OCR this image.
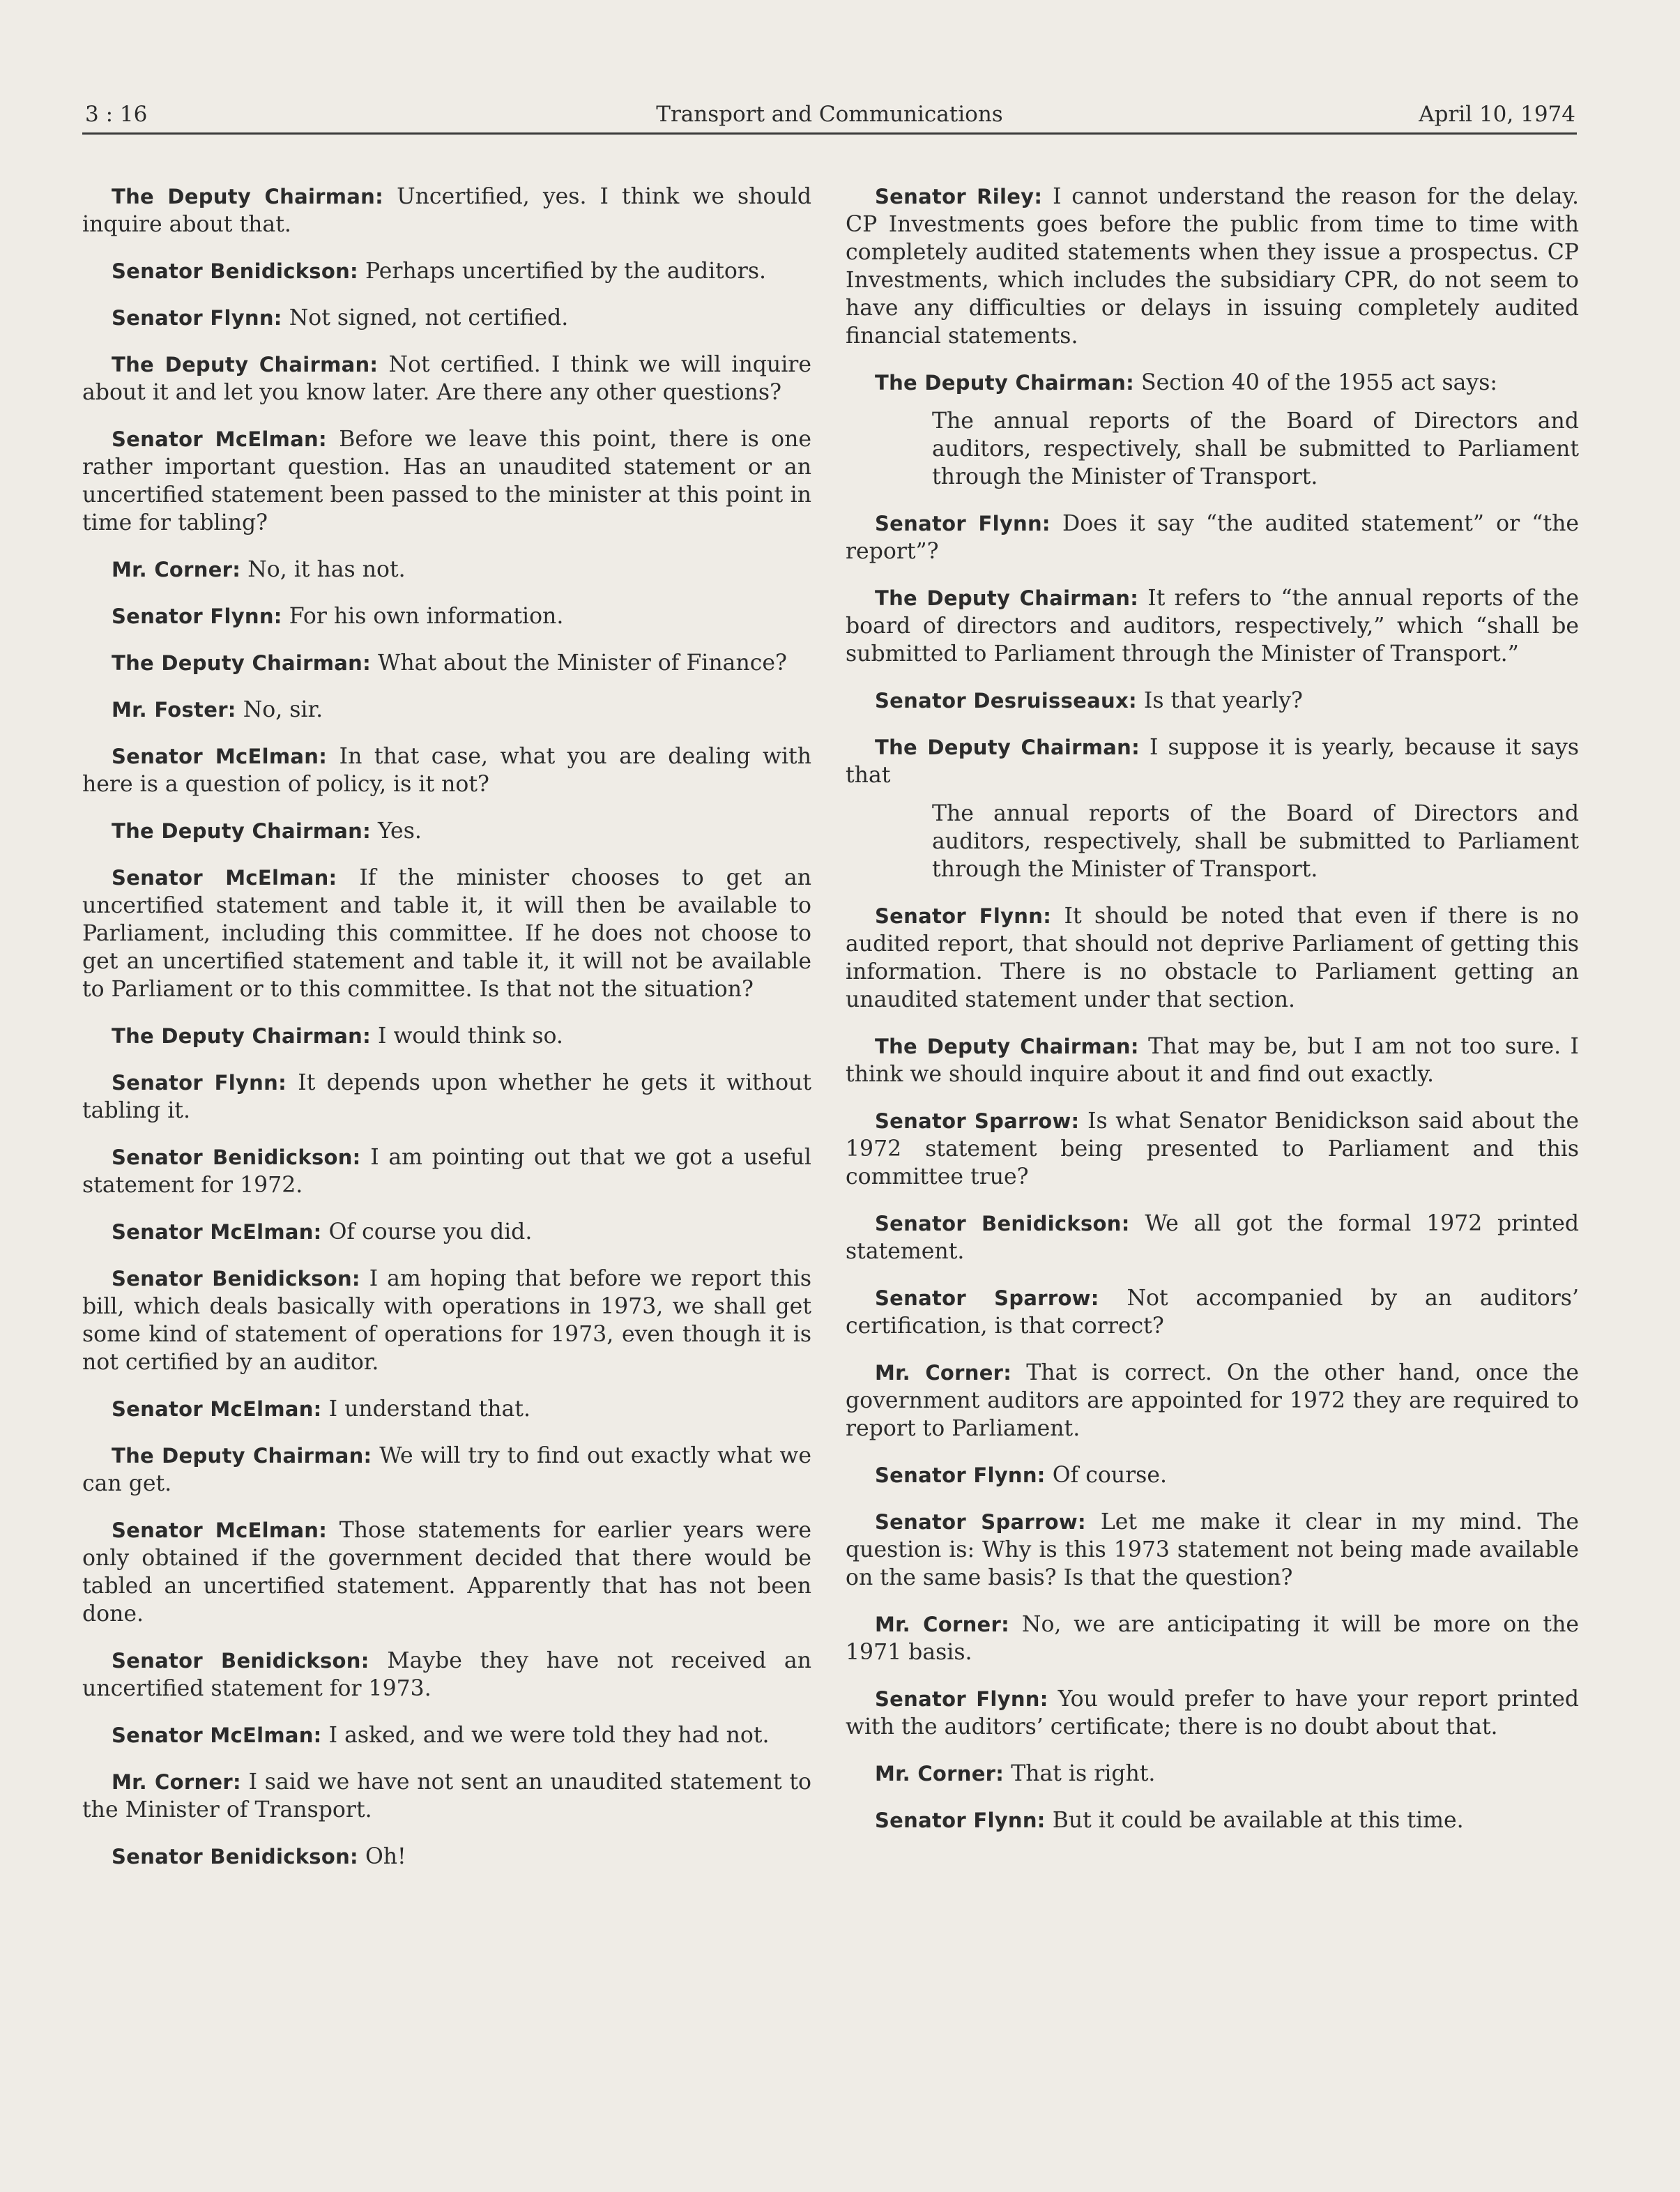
3 : 16	Transport and Communications	April 10, 1974

The Deputy Chairman: Uncertified, yes. I think we should inquire about that.

Senator Benidickson: Perhaps uncertified by the auditors.

Senator Flynn: Not signed, not certified.

The Deputy Chairman: Not certified. I think we will inquire about it and let you know later. Are there any other questions?

Senator McElman: Before we leave this point, there is one rather important question. Has an unaudited statement or an uncertified statement been passed to the minister at this point in time for tabling?

Mr. Corner: No, it has not.

Senator Flynn: For his own information.

The Deputy Chairman: What about the Minister of Finance?

Mr. Foster: No, sir.

Senator McElman: In that case, what you are dealing with here is a question of policy, is it not?

The Deputy Chairman: Yes.

Senator McElman: If the minister chooses to get an uncertified statement and table it, it will then be available to Parliament, including this committee. If he does not choose to get an uncertified statement and table it, it will not be available to Parliament or to this committee. Is that not the situation?

The Deputy Chairman: I would think so.

Senator Flynn: It depends upon whether he gets it without tabling it.

Senator Benidickson: I am pointing out that we got a useful statement for 1972.

Senator McElman: Of course you did.

Senator Benidickson: I am hoping that before we report this bill, which deals basically with operations in 1973, we shall get some kind of statement of operations for 1973, even though it is not certified by an auditor.

Senator McElman: I understand that.

The Deputy Chairman: We will try to find out exactly what we can get.

Senator McElman: Those statements for earlier years were only obtained if the government decided that there would be tabled an uncertified statement. Apparently that has not been done.

Senator Benidickson: Maybe they have not received an uncertified statement for 1973.

Senator McElman: I asked, and we were told they had not.

Mr. Corner: I said we have not sent an unaudited statement to the Minister of Transport.

Senator Benidickson: Oh!

Senator Riley: I cannot understand the reason for the delay. CP Investments goes before the public from time to time with completely audited statements when they issue a prospectus. CP Investments, which includes the subsidiary CPR, do not seem to have any difficulties or delays in issuing completely audited financial statements.

The Deputy Chairman: Section 40 of the 1955 act says:

The annual reports of the Board of Directors and auditors, respectively, shall be submitted to Parliament through the Minister of Transport.

Senator Flynn: Does it say “the audited statement” or “the report”?

The Deputy Chairman: It refers to “the annual reports of the board of directors and auditors, respectively,” which “shall be submitted to Parliament through the Minister of Transport.”

Senator Desruisseaux: Is that yearly?

The Deputy Chairman: I suppose it is yearly, because it says that

The annual reports of the Board of Directors and auditors, respectively, shall be submitted to Parliament through the Minister of Transport.

Senator Flynn: It should be noted that even if there is no audited report, that should not deprive Parliament of getting this information. There is no obstacle to Parliament getting an unaudited statement under that section.

The Deputy Chairman: That may be, but I am not too sure. I think we should inquire about it and find out exactly.

Senator Sparrow: Is what Senator Benidickson said about the 1972 statement being presented to Parliament and this committee true?

Senator Benidickson: We all got the formal 1972 printed statement.

Senator Sparrow: Not accompanied by an auditors’ certification, is that correct?

Mr. Corner: That is correct. On the other hand, once the government auditors are appointed for 1972 they are required to report to Parliament.

Senator Flynn: Of course.

Senator Sparrow: Let me make it clear in my mind. The question is: Why is this 1973 statement not being made available on the same basis? Is that the question?

Mr. Corner: No, we are anticipating it will be more on the 1971 basis.

Senator Flynn: You would prefer to have your report printed with the auditors’ certificate; there is no doubt about that.

Mr. Corner: That is right.

Senator Flynn: But it could be available at this time.
